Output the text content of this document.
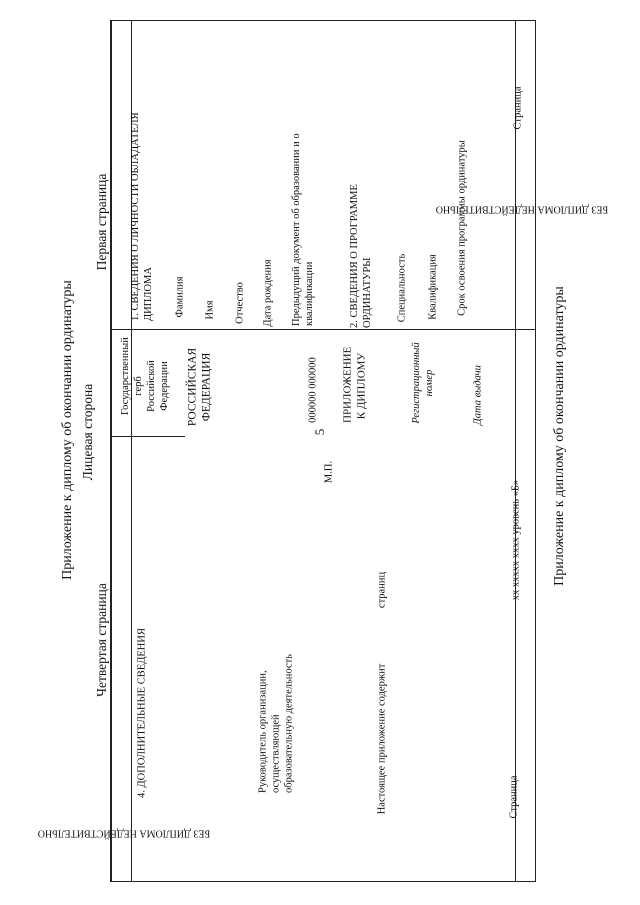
5
Приложение к диплому об окончании ординатуры Лицевая сторона
Четвертая страница
Первая страница
Приложение к диплому об окончании ординатуры
БЕЗ ДИПЛОМА НЕДЕЙСТВИТЕЛЬНО
БЕЗ ДИПЛОМА НЕДЕЙСТВИТЕЛЬНО
4. ДОПОЛНИТЕЛЬНЫЕ СВЕДЕНИЯ	Руководитель организации, осуществляющей образовательную деятельность
М.П.
Настоящее приложение содержит
страниц
Страница
хх ххххх хххх уровень «Б»
Государственный герб Российской Федерации РОССИЙСКАЯ ФЕДЕРАЦИЯ	000000 000000 ПРИЛОЖЕНИЕ К ДИПЛОМУ	Регистрационный номер	Дата выдачи
1. СВЕДЕНИЯ О ЛИЧНОСТИ ОБЛАДАТЕЛЯ ДИПЛОМА Фамилия Имя Отчество Дата рождения Предыдущий документ об образовании и о квалификации	2. СВЕДЕНИЯ О ПРОГРАММЕ ОРДИНАТУРЫ Специальность Квалификация Срок освоения программы ординатуры
Страница
